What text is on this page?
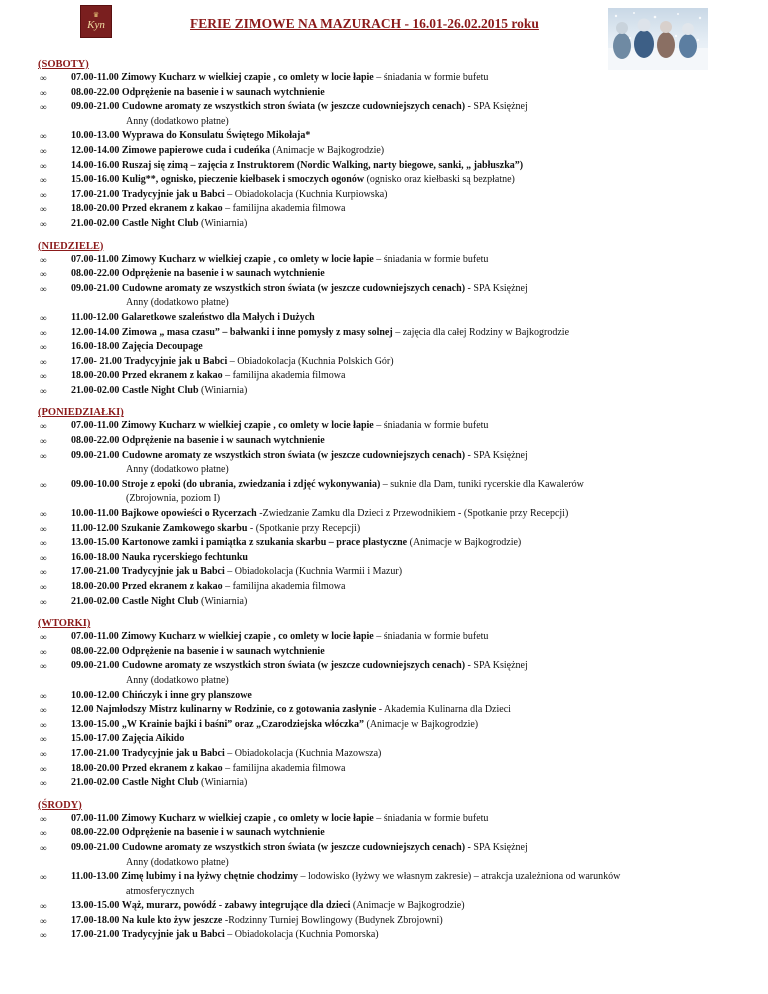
♛
Kyn	FERIE ZIMOWE NA MAZURACH - 16.01-26.02.2015 roku
(SOBOTY)
∞ 07.00-11.00 Zimowy Kucharz w wielkiej czapie , co omlety w locie łapie – śniadania w formie bufetu
∞ 08.00-22.00 Odprężenie na basenie i w saunach wytchnienie
∞ 09.00-21.00 Cudowne aromaty ze wszystkich stron świata (w jeszcze cudowniejszych cenach) - SPA Księżnej
Anny (dodatkowo płatne)
∞ 10.00-13.00 Wyprawa do Konsulatu Świętego Mikołaja*
∞ 12.00-14.00 Zimowe papierowe cuda i cudeńka (Animacje w Bajkogrodzie)
∞ 14.00-16.00 Ruszaj się zimą – zajęcia z Instruktorem (Nordic Walking, narty biegowe, sanki, „ jabłuszka”)
∞ 15.00-16.00 Kulig**, ognisko, pieczenie kiełbasek i smoczych ogonów (ognisko oraz kiełbaski są bezpłatne)
∞ 17.00-21.00 Tradycyjnie jak u Babci – Obiadokolacja (Kuchnia Kurpiowska)
∞ 18.00-20.00 Przed ekranem z kakao – familijna akademia filmowa
∞ 21.00-02.00 Castle Night Club (Winiarnia)
(NIEDZIELE)
∞ 07.00-11.00 Zimowy Kucharz w wielkiej czapie , co omlety w locie łapie – śniadania w formie bufetu
∞ 08.00-22.00 Odprężenie na basenie i w saunach wytchnienie
∞ 09.00-21.00 Cudowne aromaty ze wszystkich stron świata (w jeszcze cudowniejszych cenach) - SPA Księżnej
Anny (dodatkowo płatne)
∞ 11.00-12.00 Galaretkowe szaleństwo dla Małych i Dużych
∞ 12.00-14.00 Zimowa „ masa czasu” – bałwanki i inne pomysły z masy solnej – zajęcia dla całej Rodziny w Bajkogrodzie
∞ 16.00-18.00 Zajęcia Decoupage
∞ 17.00- 21.00 Tradycyjnie jak u Babci – Obiadokolacja (Kuchnia Polskich Gór)
∞ 18.00-20.00 Przed ekranem z kakao – familijna akademia filmowa
∞ 21.00-02.00 Castle Night Club (Winiarnia)
(PONIEDZIAŁKI)
∞ 07.00-11.00 Zimowy Kucharz w wielkiej czapie , co omlety w locie łapie – śniadania w formie bufetu
∞ 08.00-22.00 Odprężenie na basenie i w saunach wytchnienie
∞ 09.00-21.00 Cudowne aromaty ze wszystkich stron świata (w jeszcze cudowniejszych cenach) - SPA Księżnej
Anny (dodatkowo płatne)
∞ 09.00-10.00 Stroje z epoki (do ubrania, zwiedzania i zdjęć wykonywania) – suknie dla Dam, tuniki rycerskie dla Kawalerów
(Zbrojownia, poziom I)
∞ 10.00-11.00 Bajkowe opowieści o Rycerzach -Zwiedzanie Zamku dla Dzieci z Przewodnikiem - (Spotkanie przy Recepcji)
∞ 11.00-12.00 Szukanie Zamkowego skarbu - (Spotkanie przy Recepcji)
∞ 13.00-15.00 Kartonowe zamki i pamiątka z szukania skarbu – prace plastyczne (Animacje w Bajkogrodzie)
∞ 16.00-18.00 Nauka rycerskiego fechtunku
∞ 17.00-21.00 Tradycyjnie jak u Babci – Obiadokolacja (Kuchnia Warmii i Mazur)
∞ 18.00-20.00 Przed ekranem z kakao – familijna akademia filmowa
∞ 21.00-02.00 Castle Night Club (Winiarnia)
(WTORKI)
∞ 07.00-11.00 Zimowy Kucharz w wielkiej czapie , co omlety w locie łapie – śniadania w formie bufetu
∞ 08.00-22.00 Odprężenie na basenie i w saunach wytchnienie
∞ 09.00-21.00 Cudowne aromaty ze wszystkich stron świata (w jeszcze cudowniejszych cenach) - SPA Księżnej
Anny (dodatkowo płatne)
∞ 10.00-12.00 Chińczyk i inne gry planszowe
∞ 12.00 Najmłodszy Mistrz kulinarny w Rodzinie, co z gotowania zasłynie - Akademia Kulinarna dla Dzieci
∞ 13.00-15.00 „W Krainie bajki i baśni” oraz „Czarodziejska włóczka” (Animacje w Bajkogrodzie)
∞ 15.00-17.00 Zajęcia Aikido
∞ 17.00-21.00 Tradycyjnie jak u Babci – Obiadokolacja (Kuchnia Mazowsza)
∞ 18.00-20.00 Przed ekranem z kakao – familijna akademia filmowa
∞ 21.00-02.00 Castle Night Club (Winiarnia)
(ŚRODY)
∞ 07.00-11.00 Zimowy Kucharz w wielkiej czapie , co omlety w locie łapie – śniadania w formie bufetu
∞ 08.00-22.00 Odprężenie na basenie i w saunach wytchnienie
∞ 09.00-21.00 Cudowne aromaty ze wszystkich stron świata (w jeszcze cudowniejszych cenach) - SPA Księżnej
Anny (dodatkowo płatne)
∞ 11.00-13.00 Zimę lubimy i na łyżwy chętnie chodzimy – lodowisko (łyżwy we własnym zakresie) – atrakcja uzależniona od warunków
atmosferycznych
∞ 13.00-15.00 Wąż, murarz, powódź - zabawy integrujące dla dzieci (Animacje w Bajkogrodzie)
∞ 17.00-18.00 Na kule kto żyw jeszcze -Rodzinny Turniej Bowlingowy (Budynek Zbrojowni)
∞ 17.00-21.00 Tradycyjnie jak u Babci – Obiadokolacja (Kuchnia Pomorska)
